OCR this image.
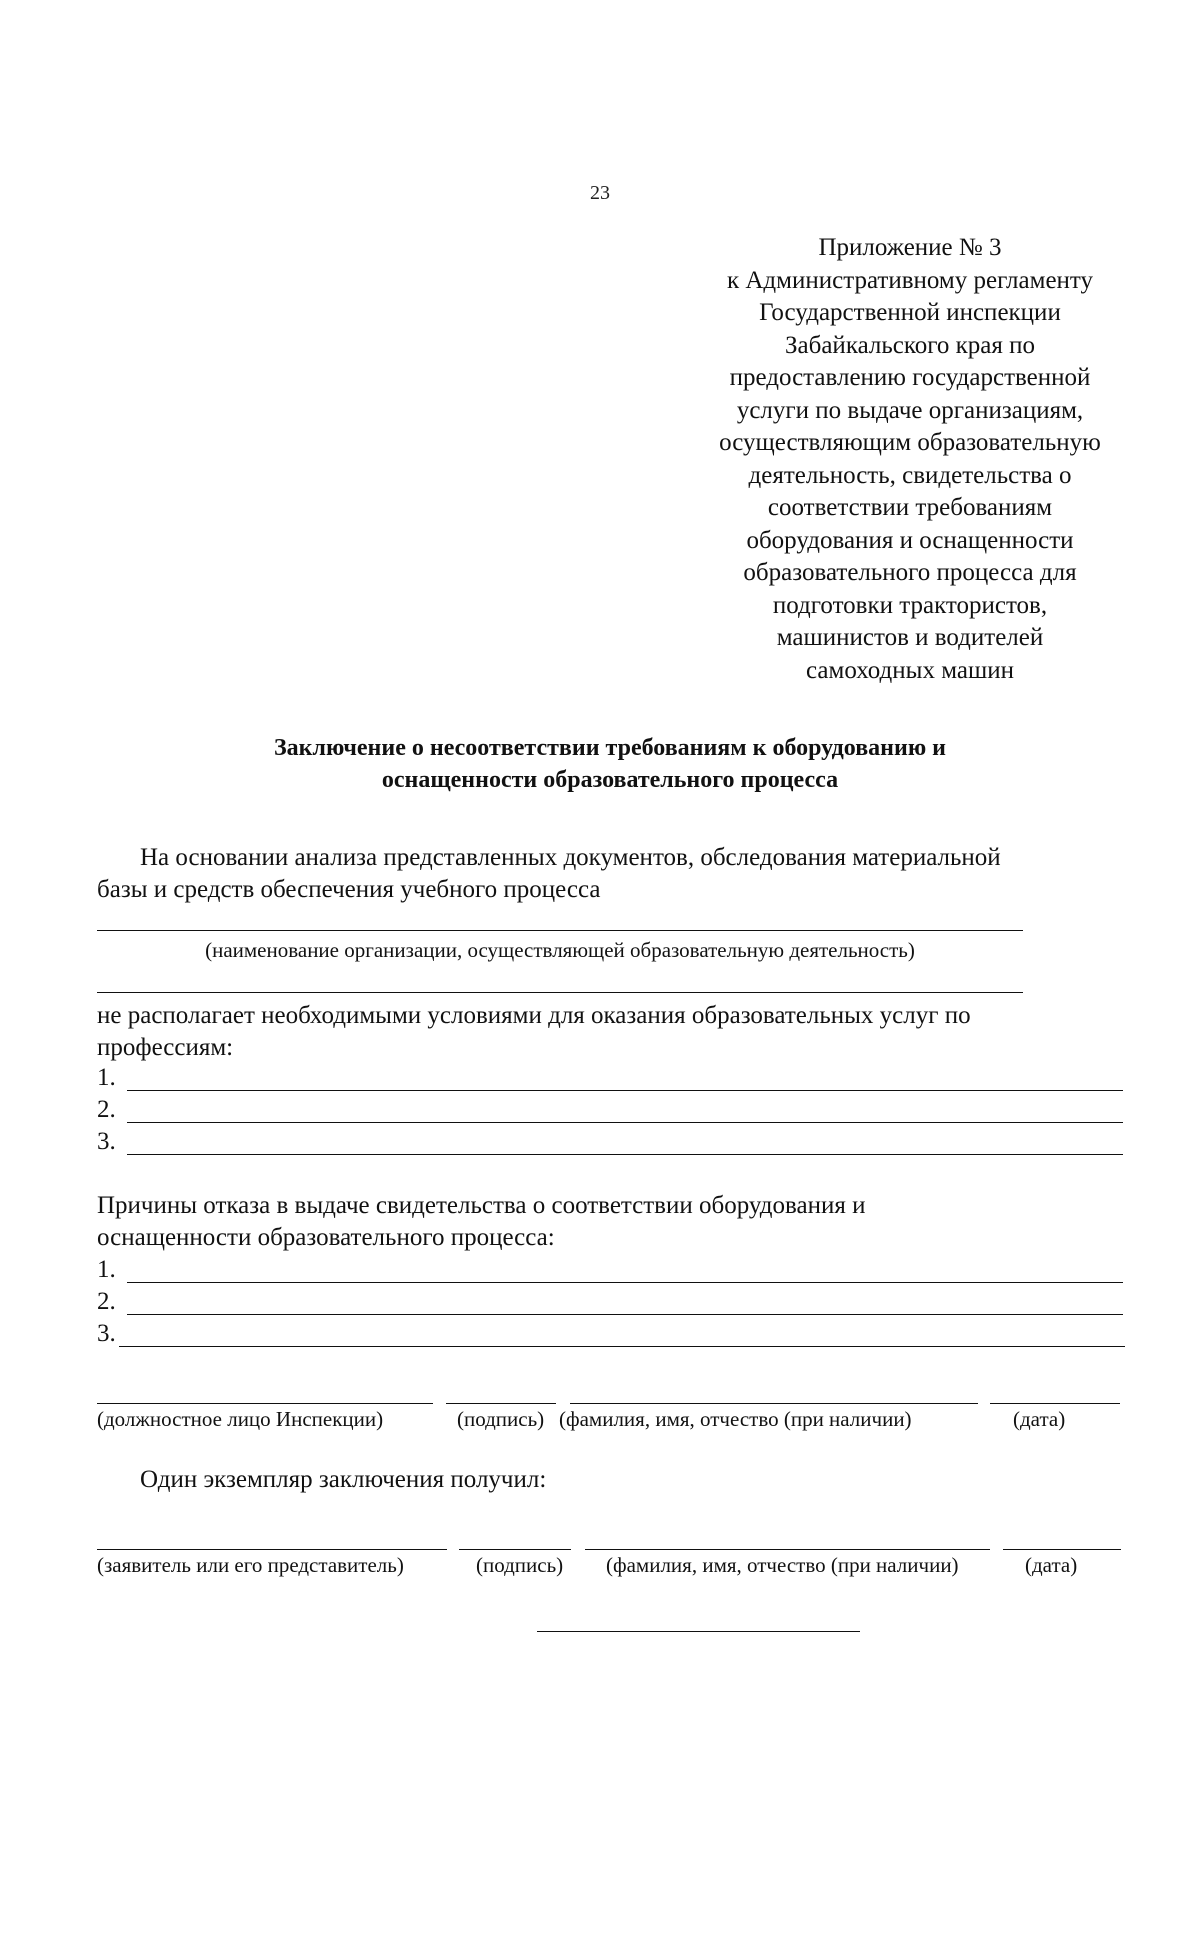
23
Приложение № 3
к Административному регламенту
Государственной инспекции
Забайкальского края по
предоставлению государственной
услуги по выдаче организациям,
осуществляющим образовательную
деятельность, свидетельства о
соответствии требованиям
оборудования и оснащенности
образовательного процесса для
подготовки трактористов,
машинистов и водителей
самоходных машин
Заключение о несоответствии требованиям к оборудованию и
оснащенности образовательного процесса
На основании анализа представленных документов, обследования материальной
базы и средств обеспечения учебного процесса
(наименование организации, осуществляющей образовательную деятельность)
не располагает необходимыми условиями для оказания образовательных услуг по
профессиям:
1.
2.
3.
Причины отказа в выдаче свидетельства о соответствии оборудования и
оснащенности образовательного процесса:
1.
2.
3.
(должностное лицо Инспекции)	(подпись) (фамилия, имя, отчество (при наличии)	(дата)
Один экземпляр заключения получил:
(заявитель или его представитель)	(подпись) (фамилия, имя, отчество (при наличии)	(дата)
